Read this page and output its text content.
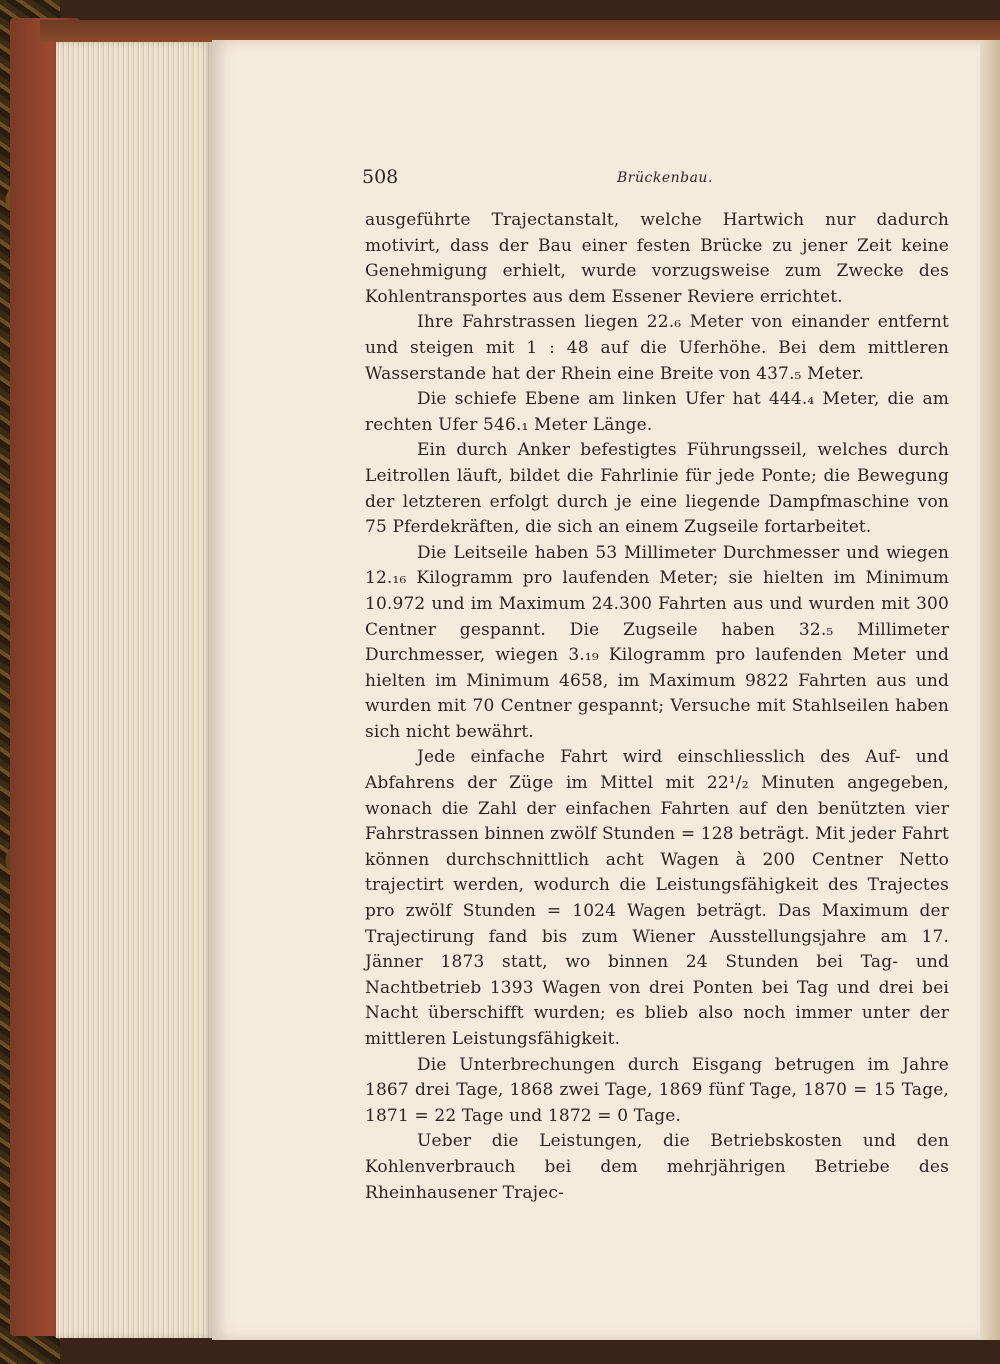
508	Brückenbau.

ausgeführte Trajectanstalt, welche Hartwich nur dadurch motivirt, dass der Bau einer festen Brücke zu jener Zeit keine Genehmigung erhielt, wurde vorzugsweise zum Zwecke des Kohlentransportes aus dem Essener Reviere errichtet.

Ihre Fahrstrassen liegen 22.₆ Meter von einander entfernt und steigen mit 1 : 48 auf die Uferhöhe. Bei dem mittleren Wasserstande hat der Rhein eine Breite von 437.₅ Meter.

Die schiefe Ebene am linken Ufer hat 444.₄ Meter, die am rechten Ufer 546.₁ Meter Länge.

Ein durch Anker befestigtes Führungsseil, welches durch Leitrollen läuft, bildet die Fahrlinie für jede Ponte; die Bewegung der letzteren erfolgt durch je eine liegende Dampfmaschine von 75 Pferdekräften, die sich an einem Zugseile fortarbeitet.

Die Leitseile haben 53 Millimeter Durchmesser und wiegen 12.₁₆ Kilogramm pro laufenden Meter; sie hielten im Minimum 10.972 und im Maximum 24.300 Fahrten aus und wurden mit 300 Centner gespannt. Die Zugseile haben 32.₅ Millimeter Durchmesser, wiegen 3.₁₉ Kilogramm pro laufenden Meter und hielten im Minimum 4658, im Maximum 9822 Fahrten aus und wurden mit 70 Centner gespannt; Versuche mit Stahlseilen haben sich nicht bewährt.

Jede einfache Fahrt wird einschliesslich des Auf- und Abfahrens der Züge im Mittel mit 22¹/₂ Minuten angegeben, wonach die Zahl der einfachen Fahrten auf den benützten vier Fahrstrassen binnen zwölf Stunden = 128 beträgt. Mit jeder Fahrt können durchschnittlich acht Wagen à 200 Centner Netto trajectirt werden, wodurch die Leistungsfähigkeit des Trajectes pro zwölf Stunden = 1024 Wagen beträgt. Das Maximum der Trajectirung fand bis zum Wiener Ausstellungsjahre am 17. Jänner 1873 statt, wo binnen 24 Stunden bei Tag- und Nachtbetrieb 1393 Wagen von drei Ponten bei Tag und drei bei Nacht überschifft wurden; es blieb also noch immer unter der mittleren Leistungsfähigkeit.

Die Unterbrechungen durch Eisgang betrugen im Jahre 1867 drei Tage, 1868 zwei Tage, 1869 fünf Tage, 1870 = 15 Tage, 1871 = 22 Tage und 1872 = 0 Tage.

Ueber die Leistungen, die Betriebskosten und den Kohlenverbrauch bei dem mehrjährigen Betriebe des Rheinhausener Trajec-
